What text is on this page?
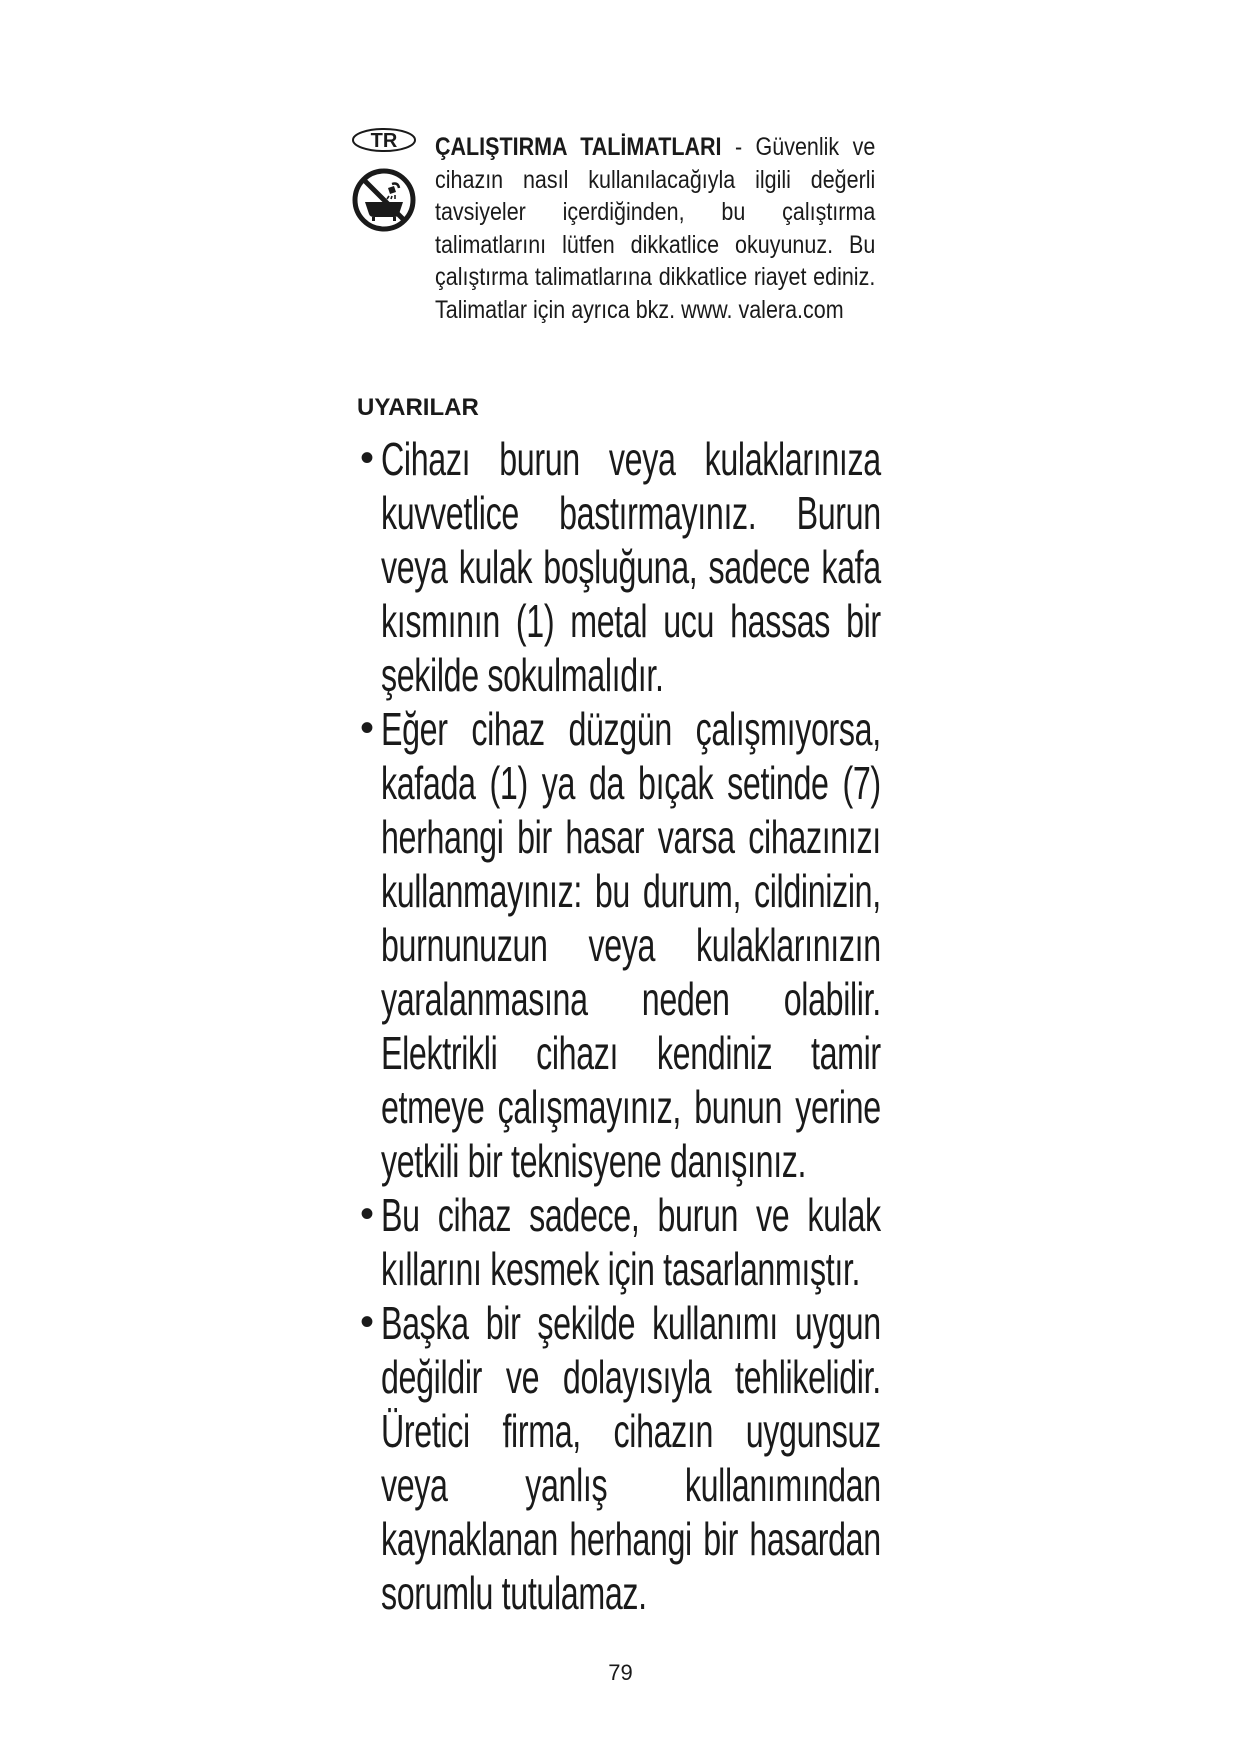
TR ÇALIŞTIRMA TALİMATLARI - Güvenlik ve cihazın nasıl kullanılacağıyla ilgili değerli tavsiyeler içerdiğinden, bu çalıştırma talimatlarını lütfen dikkatlice okuyunuz. Bu çalıştırma talimatlarına dikkatlice riayet ediniz. Talimatlar için ayrıca bkz. www. valera.com
UYARILAR
• Cihazı burun veya kulaklarınıza kuvvetlice bastırmayınız. Burun veya kulak boşluğuna, sadece kafa kısmının (1) metal ucu hassas bir şekilde sokulmalıdır.
• Eğer cihaz düzgün çalışmıyorsa, kafada (1) ya da bıçak setinde (7) herhangi bir hasar varsa cihazınızı kullanmayınız: bu durum, cildinizin, burnunuzun veya kulaklarınızın yaralanmasına neden olabilir. Elektrikli cihazı kendiniz tamir etmeye çalışmayınız, bunun yerine yetkili bir teknisyene danışınız.
• Bu cihaz sadece, burun ve kulak kıllarını kesmek için tasarlanmıştır.
• Başka bir şekilde kullanımı uygun değildir ve dolayısıyla tehlikelidir. Üretici firma, cihazın uygunsuz veya yanlış kullanımından kaynaklanan herhangi bir hasardan sorumlu tutulamaz.
79
